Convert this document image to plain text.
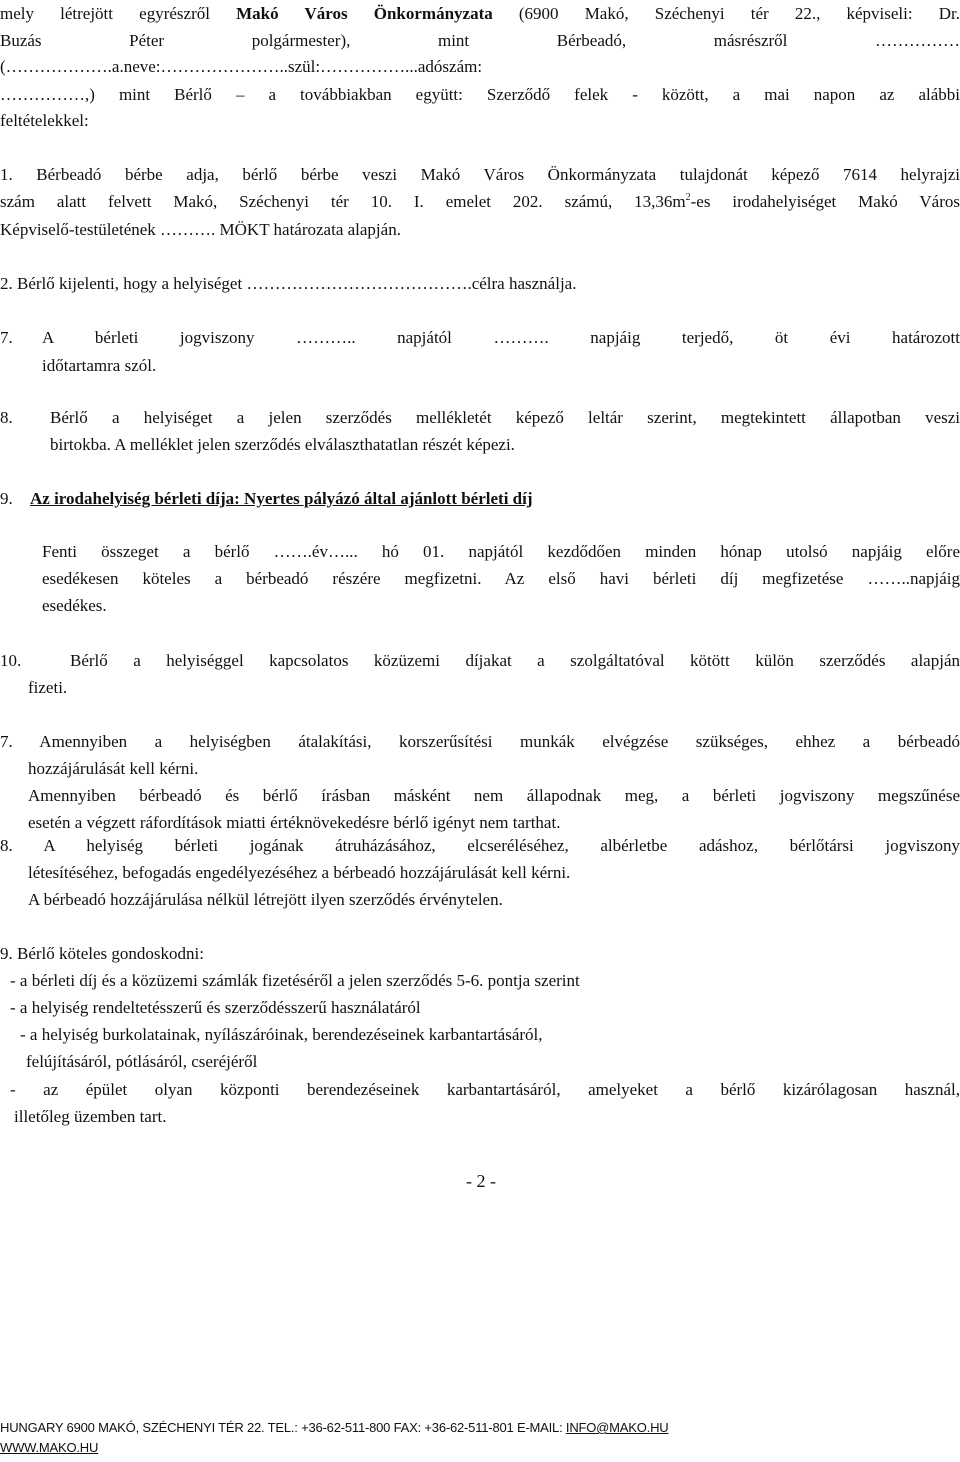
mely létrejött egyrészről Makó Város Önkormányzata (6900 Makó, Széchenyi tér 22., képviseli: Dr.
Buzás Péter polgármester), mint Bérbeadó, másrészről ……………
(……………….a.neve:…………………..szül:……………...adószám:
……………,) mint Bérlő – a továbbiakban együtt: Szerződő felek - között, a mai napon az alábbi
feltételekkel:
1. Bérbeadó bérbe adja, bérlő bérbe veszi Makó Város Önkormányzata tulajdonát képező 7614 helyrajzi
szám alatt felvett Makó, Széchenyi tér 10. I. emelet 202. számú, $13,36m^2-es$ irodahelyiséget Makó Város
Képviselő-testületének ………. MÖKT határozata alapján.
2. Bérlő kijelenti, hogy a helyiséget ………………………………….célra használja.
7. A bérleti jogviszony ……….. napjától ………. napjáig terjedő, öt évi határozott
időtartamra szól.
8. Bérlő a helyiséget a jelen szerződés mellékletét képező leltár szerint, megtekintett állapotban veszi
birtokba. A melléklet jelen szerződés elválaszthatatlan részét képezi.
9. Az irodahelyiség bérleti díja: Nyertes pályázó által ajánlott bérleti díj
Fenti összeget a bérlő …….év…... hó 01. napjától kezdődően minden hónap utolsó napjáig előre
esedékesen köteles a bérbeadó részére megfizetni. Az első havi bérleti díj megfizetése ……..napjáig
esedékes.
10.	Bérlő a helyiséggel kapcsolatos közüzemi díjakat a szolgáltatóval kötött külön szerződés alapján
fizeti.
7. Amennyiben a helyiségben átalakítási, korszerűsítési munkák elvégzése szükséges, ehhez a bérbeadó
hozzájárulását kell kérni.
Amennyiben bérbeadó és bérlő írásban másként nem állapodnak meg, a bérleti jogviszony megszűnése
esetén a végzett ráfordítások miatti értéknövekedésre bérlő igényt nem tarthat.
8. A helyiség bérleti jogának átruházásához, elcseréléséhez, albérletbe adáshoz, bérlőtársi jogviszony
létesítéséhez, befogadás engedélyezéséhez a bérbeadó hozzájárulását kell kérni.
A bérbeadó hozzájárulása nélkül létrejött ilyen szerződés érvénytelen.
9. Bérlő köteles gondoskodni:
- a bérleti díj és a közüzemi számlák fizetéséről a jelen szerződés 5-6. pontja szerint
- a helyiség rendeltetésszerű és szerződésszerű használatáról
- a helyiség burkolatainak, nyílászáróinak, berendezéseinek karbantartásáról,
felújításáról, pótlásáról, cseréjéről
- az épület olyan központi berendezéseinek karbantartásáról, amelyeket a bérlő kizárólagosan használ,
illetőleg üzemben tart.
- 2 -
HUNGARY 6900 MAKÓ, SZÉCHENYI TÉR 22. TEL.: +36-62-511-800 FAX: +36-62-511-801 E-MAIL: INFO@MAKO.HU
WWW.MAKO.HU
